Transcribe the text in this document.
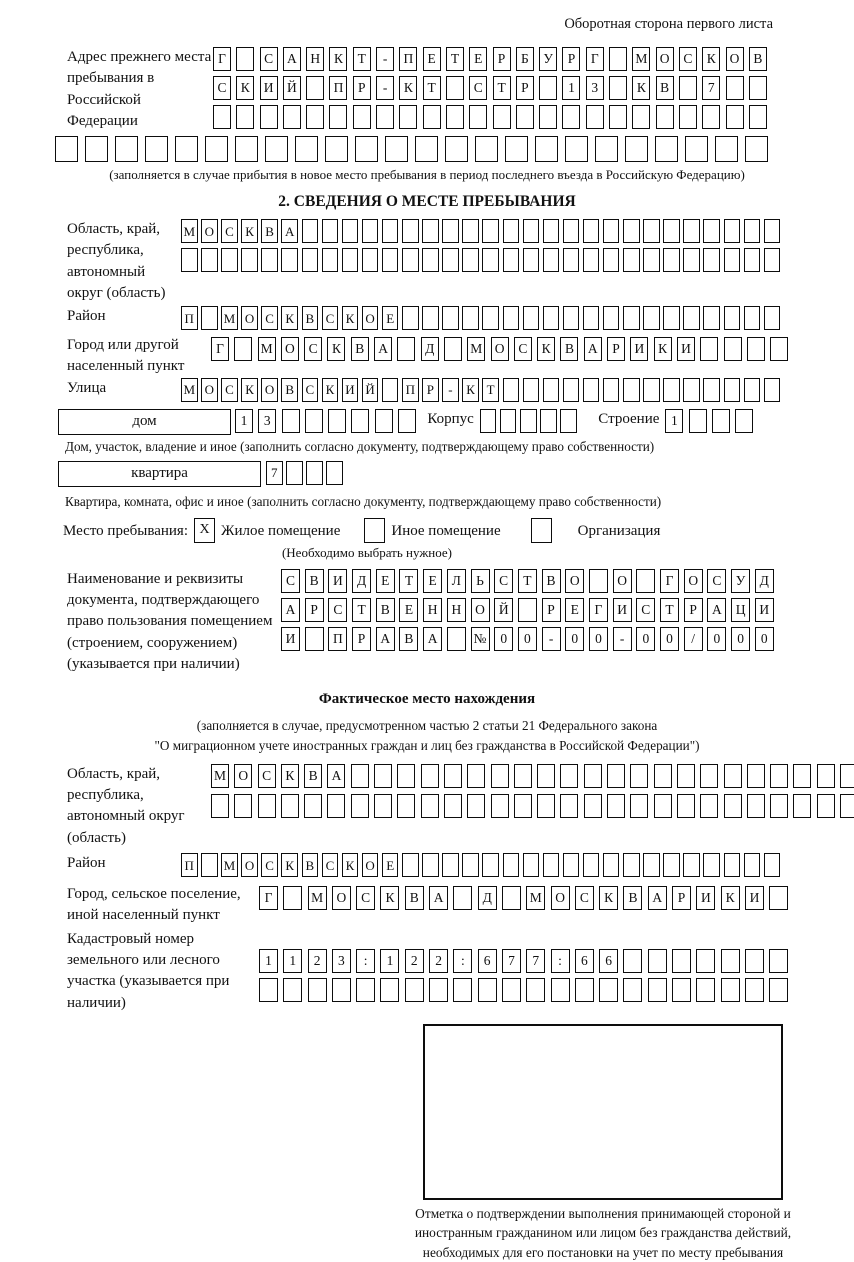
Оборотная сторона первого листа
Адрес прежнего места пребывания в Российской Федерации
Г	С	А	Н	К	Т	-	П	Е	Т	Е	Р	Б	У	Р	Г	М О	С	К	О	В
С	К	И	Й	П	Р	-	К	Т	С	Т	Р	1	3	К	В	7
(заполняется в случае прибытия в новое место пребывания в период последнего въезда в Российскую Федерацию)
2. СВЕДЕНИЯ О МЕСТЕ ПРЕБЫВАНИЯ
Область, край, республика, автономный округ (область)
М О С К В А
Район	П М О С К В С К О Е
Город или другой населенный пункт
Г	М О	С	К	В	А	Д	М О	С	К	В	А	Р	И	К	И
Улица	М О С К О В С К И Й П Р	-	К Т
дом	1	3	Корпус	Строение 1
Дом, участок, владение и иное (заполнить согласно документу, подтверждающему право собственности)
квартира	7
Квартира, комната, офис и иное (заполнить согласно документу, подтверждающему право собственности)
Место пребывания: X Жилое помещение	Иное помещение	Организация
(Необходимо выбрать нужное)
Наименование и реквизиты документа, подтверждающего право пользования помещением (строением, сооружением) (указывается при наличии)
С	В	И	Д	Е	Т	Е	Л	Ь	С	Т	В	О	О	Г	О	С	У	Д
А	Р	С	Т	В	Е	Н	Н	О	Й	Р	Е	Г	И	С	Т	Р	А	Ц	И
И	П	Р	А	В	А	№	0	0	-	0	0	-	0	0	/	0	0	0
Фактическое место нахождения
(заполняется в случае, предусмотренном частью 2 статьи 21 Федерального закона
"О миграционном учете иностранных граждан и лиц без гражданства в Российской Федерации")
Область, край, республика, автономный округ (область)
М О	С	К	В	А
Район	П М О С К В С К О Е
Город, сельское поселение, иной населенный пункт
Г	М О	С	К	В	А	Д	М О	С	К	В	А	Р	И	К	И
Кадастровый номер земельного или лесного участка (указывается при наличии)
1	1	2	3	:	1	2	2	:	6	7	7	:	6	6
Отметка о подтверждении выполнения принимающей стороной и иностранным гражданином или лицом без гражданства действий, необходимых для его постановки на учет по месту пребывания
